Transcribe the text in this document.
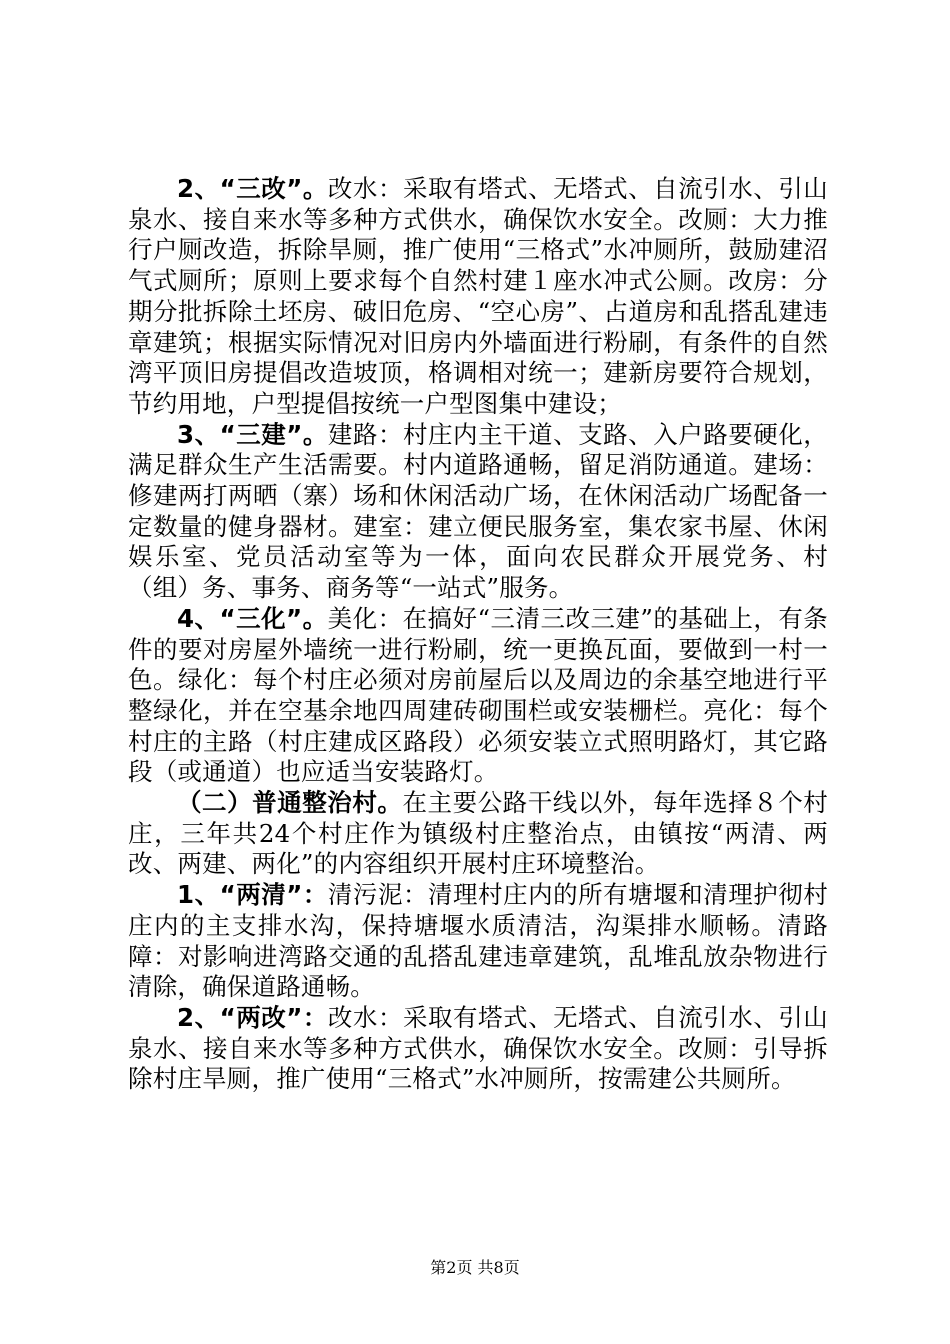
2、“三改”。改水：采取有塔式、无塔式、自流引水、引山泉水、接自来水等多种方式供水，确保饮水安全。改厕：大力推行户厕改造，拆除旱厕，推广使用“三格式”水冲厕所，鼓励建沼气式厕所；原则上要求每个自然村建１座水冲式公厕。改房：分期分批拆除土坯房、破旧危房、“空心房”、占道房和乱搭乱建违章建筑；根据实际情况对旧房内外墙面进行粉刷，有条件的自然湾平顶旧房提倡改造坡顶，格调相对统一；建新房要符合规划，节约用地，户型提倡按统一户型图集中建设；

3、“三建”。建路：村庄内主干道、支路、入户路要硬化，满足群众生产生活需要。村内道路通畅，留足消防通道。建场：修建两打两晒（寨）场和休闲活动广场，在休闲活动广场配备一定数量的健身器材。建室：建立便民服务室，集农家书屋、休闲娱乐室、党员活动室等为一体，面向农民群众开展党务、村（组）务、事务、商务等“一站式”服务。

4、“三化”。美化：在搞好“三清三改三建”的基础上，有条件的要对房屋外墙统一进行粉刷，统一更换瓦面，要做到一村一色。绿化：每个村庄必须对房前屋后以及周边的余基空地进行平整绿化，并在空基余地四周建砖砌围栏或安装栅栏。亮化：每个村庄的主路（村庄建成区路段）必须安装立式照明路灯，其它路段（或通道）也应适当安装路灯。

（二）普通整治村。在主要公路干线以外，每年选择８个村庄，三年共24个村庄作为镇级村庄整治点，由镇按“两清、两改、两建、两化”的内容组织开展村庄环境整治。

1、“两清”：清污泥：清理村庄内的所有塘堰和清理护彻村庄内的主支排水沟，保持塘堰水质清洁，沟渠排水顺畅。清路障：对影响进湾路交通的乱搭乱建违章建筑，乱堆乱放杂物进行清除，确保道路通畅。

2、“两改”：改水：采取有塔式、无塔式、自流引水、引山泉水、接自来水等多种方式供水，确保饮水安全。改厕：引导拆除村庄旱厕，推广使用“三格式”水冲厕所，按需建公共厕所。

第2页 共8页
